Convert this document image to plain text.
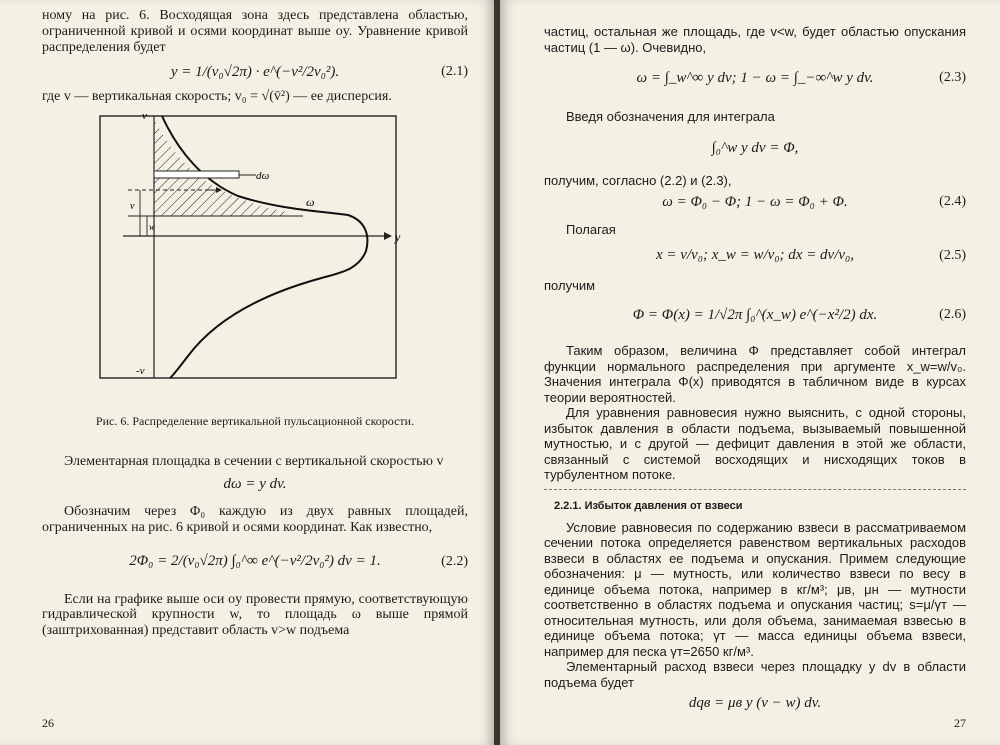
ному на рис. 6. Восходящая зона здесь представлена областью, ограниченной кривой и осями координат выше oy. Уравнение кривой распределения будет

y = 1/(v₀√2π) · e^(−v²/2v₀²).	(2.1)

где v — вертикальная скорость; v₀ = √(v̄²) — ее дисперсия.

v
-v
dω
ω
y
v
w

Рис. 6. Распределение вертикальной пульсационной скорости.

Элементарная площадка в сечении с вертикальной скоростью v

dω = y dv.

Обозначим через Φ₀ каждую из двух равных площадей, ограниченных на рис. 6 кривой и осями координат. Как известно,

2Φ₀ = 2/(v₀√2π) ∫₀^∞ e^(−v²/2v₀²) dv = 1.	(2.2)

Если на графике выше оси oy провести прямую, соответствующую гидравлической крупности w, то площадь ω выше прямой (заштрихованная) представит область v>w подъема

26

частиц, остальная же площадь, где v<w, будет областью опускания частиц (1 — ω). Очевидно,

ω = ∫_w^∞ y dv; 1 − ω = ∫_−∞^w y dv.	(2.3)

Введя обозначения для интеграла

∫₀^w y dv = Φ,

получим, согласно (2.2) и (2.3),

ω = Φ₀ − Φ; 1 − ω = Φ₀ + Φ.	(2.4)

Полагая

x = v/v₀; x_w = w/v₀; dx = dv/v₀,	(2.5)

получим

Φ = Φ(x) = 1/√2π ∫₀^(x_w) e^(−x²/2) dx.	(2.6)

Таким образом, величина Φ представляет собой интеграл функции нормального распределения при аргументе x_w=w/v₀. Значения интеграла Φ(x) приводятся в табличном виде в курсах теории вероятностей.

Для уравнения равновесия нужно выяснить, с одной стороны, избыток давления в области подъема, вызываемый повышенной мутностью, и с другой — дефицит давления в этой же области, связанный с системой восходящих и нисходящих токов в турбулентном потоке.

2.2.1. Избыток давления от взвеси

Условие равновесия по содержанию взвеси в рассматриваемом сечении потока определяется равенством вертикальных расходов взвеси в областях ее подъема и опускания. Примем следующие обозначения: μ — мутность, или количество взвеси по весу в единице объема потока, например в кг/м³; μв, μн — мутности соответственно в областях подъема и опускания частиц; s=μ/γт — относительная мутность, или доля объема, занимаемая взвесью в единице объема потока; γт — масса единицы объема взвеси, например для песка γт=2650 кг/м³.

Элементарный расход взвеси через площадку y dv в области подъема будет

dqв = μв y (v − w) dv.
27
